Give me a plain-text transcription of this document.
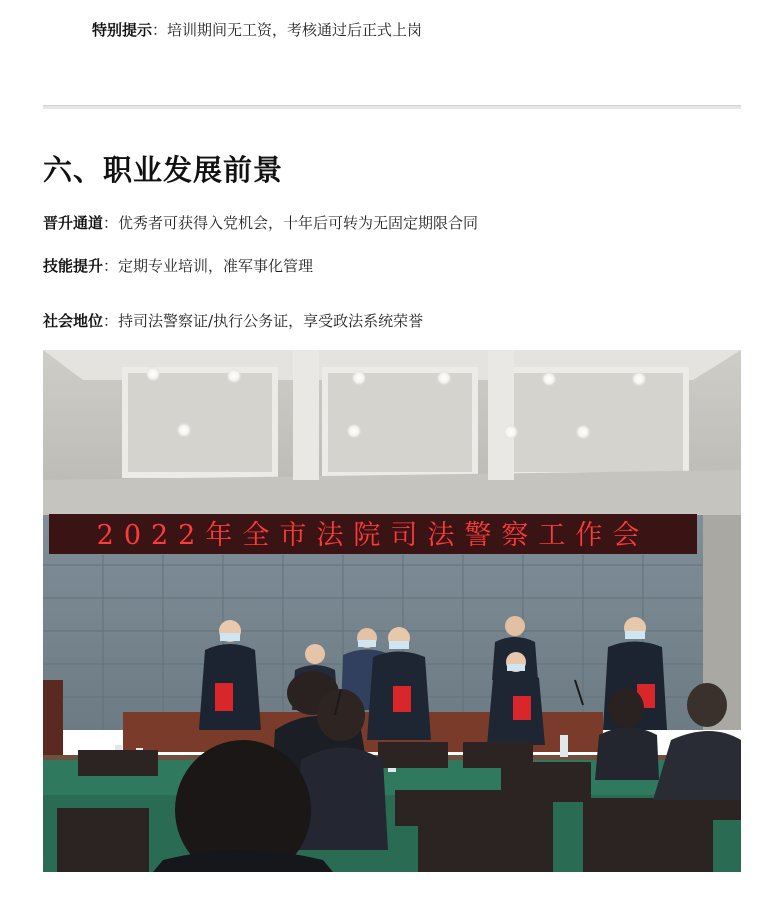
特别提示：培训期间无工资，考核通过后正式上岗
六、职业发展前景
晋升通道：优秀者可获得入党机会，十年后可转为无固定期限合同
技能提升：定期专业培训，准军事化管理
社会地位：持司法警察证/执行公务证，享受政法系统荣誉
2022年全市法院司法警察工作会
